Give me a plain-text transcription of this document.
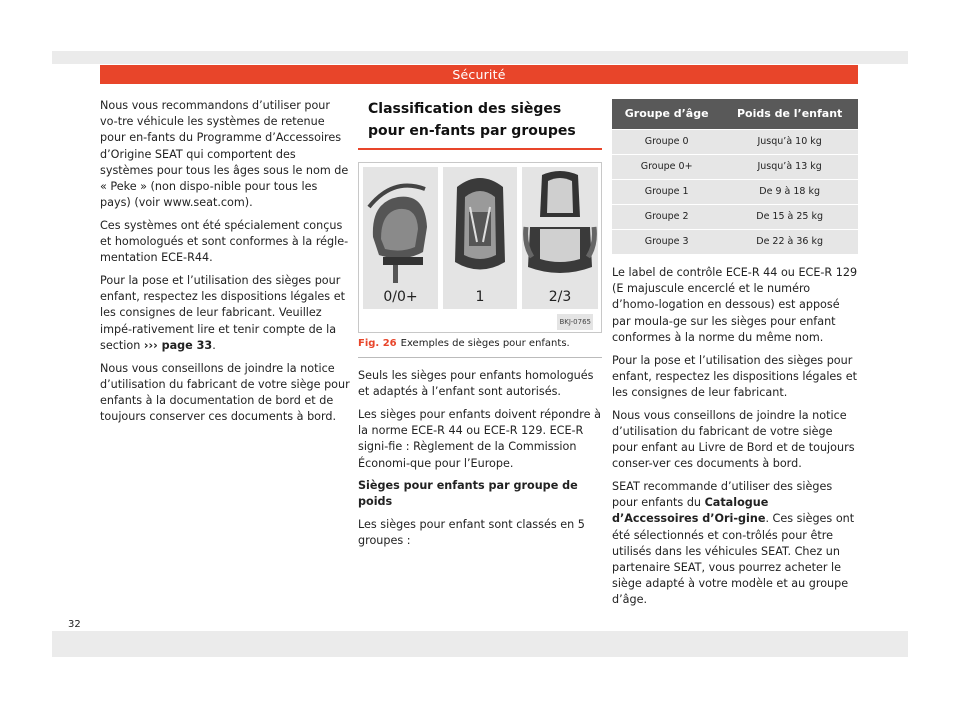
Sécurité

Nous vous recommandons d’utiliser pour vo-tre véhicule les systèmes de retenue pour en-fants du Programme d’Accessoires d’Origine SEAT qui comportent des systèmes pour tous les âges sous le nom de « Peke » (non dispo-nible pour tous les pays) (voir www.seat.com).

Ces systèmes ont été spécialement conçus et homologués et sont conformes à la régle-mentation ECE-R44.

Pour la pose et l’utilisation des sièges pour enfant, respectez les dispositions légales et les consignes de leur fabricant. Veuillez impé-rativement lire et tenir compte de la section ››› page 33.

Nous vous conseillons de joindre la notice d’utilisation du fabricant de votre siège pour enfants à la documentation de bord et de toujours conserver ces documents à bord.

Classification des sièges pour en-fants par groupes
0/0+	1	2/3
BKJ-0765
Fig. 26 Exemples de sièges pour enfants.

Seuls les sièges pour enfants homologués et adaptés à l’enfant sont autorisés.

Les sièges pour enfants doivent répondre à la norme ECE-R 44 ou ECE-R 129. ECE-R signi-fie : Règlement de la Commission Économi-que pour l’Europe.

Sièges pour enfants par groupe de poids

Les sièges pour enfant sont classés en 5 groupes :

Groupe d’âge	Poids de l’enfant
Groupe 0	Jusqu’à 10 kg
Groupe 0+	Jusqu’à 13 kg
Groupe 1	De 9 à 18 kg
Groupe 2	De 15 à 25 kg
Groupe 3	De 22 à 36 kg

Le label de contrôle ECE-R 44 ou ECE-R 129 (E majuscule encerclé et le numéro d’homo-logation en dessous) est apposé par moula-ge sur les sièges pour enfant conformes à la norme du même nom.

Pour la pose et l’utilisation des sièges pour enfant, respectez les dispositions légales et les consignes de leur fabricant.

Nous vous conseillons de joindre la notice d’utilisation du fabricant de votre siège pour enfant au Livre de Bord et de toujours conser-ver ces documents à bord.

SEAT recommande d’utiliser des sièges pour enfants du Catalogue d’Accessoires d’Ori-gine. Ces sièges ont été sélectionnés et con-trôlés pour être utilisés dans les véhicules SEAT. Chez un partenaire SEAT, vous pourrez acheter le siège adapté à votre modèle et au groupe d’âge.

32
